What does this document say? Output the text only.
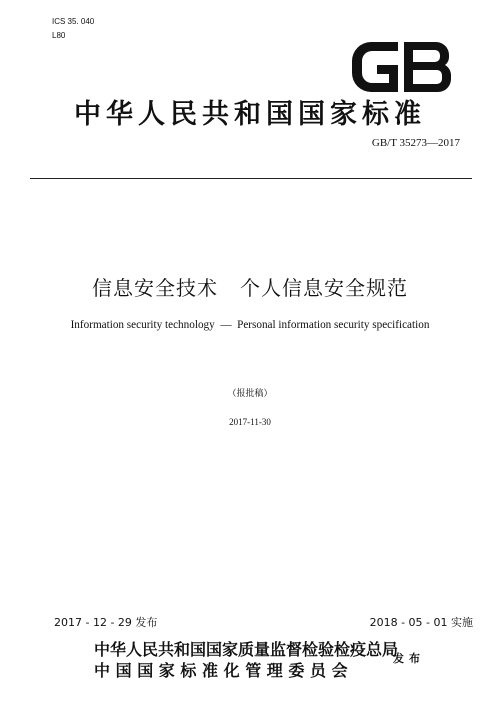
ICS 35. 040
L80
中华人民共和国国家标准
GB/T 35273—2017
信息安全技术   个人信息安全规范
Information security technology  —  Personal information security specification
（报批稿）
2017-11-30
2017 - 12 - 29 发布	2018 - 05 - 01 实施
中华人民共和国国家质量监督检验检疫总局
中国国家标准化管理委员会
发布
